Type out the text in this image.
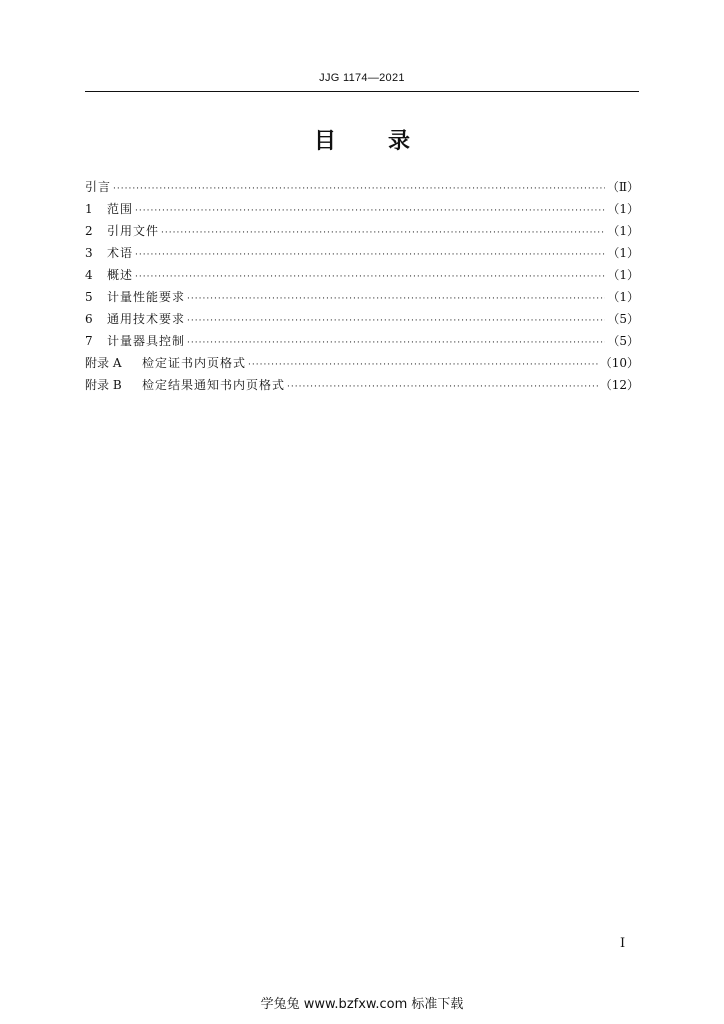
JJG 1174—2021
目 录
引言 ·····	（Ⅱ）
1	范围 ·····	（1）
2	引用文件 ·····	（1）
3	术语 ·····	（1）
4	概述 ·····	（1）
5	计量性能要求 ·····	（1）
6	通用技术要求 ·····	（5）
7	计量器具控制 ·····	（5）
附录 A	检定证书内页格式 ·····	（10）
附录 B	检定结果通知书内页格式 ·····	（12）
I
学兔兔 www.bzfxw.com 标准下载
